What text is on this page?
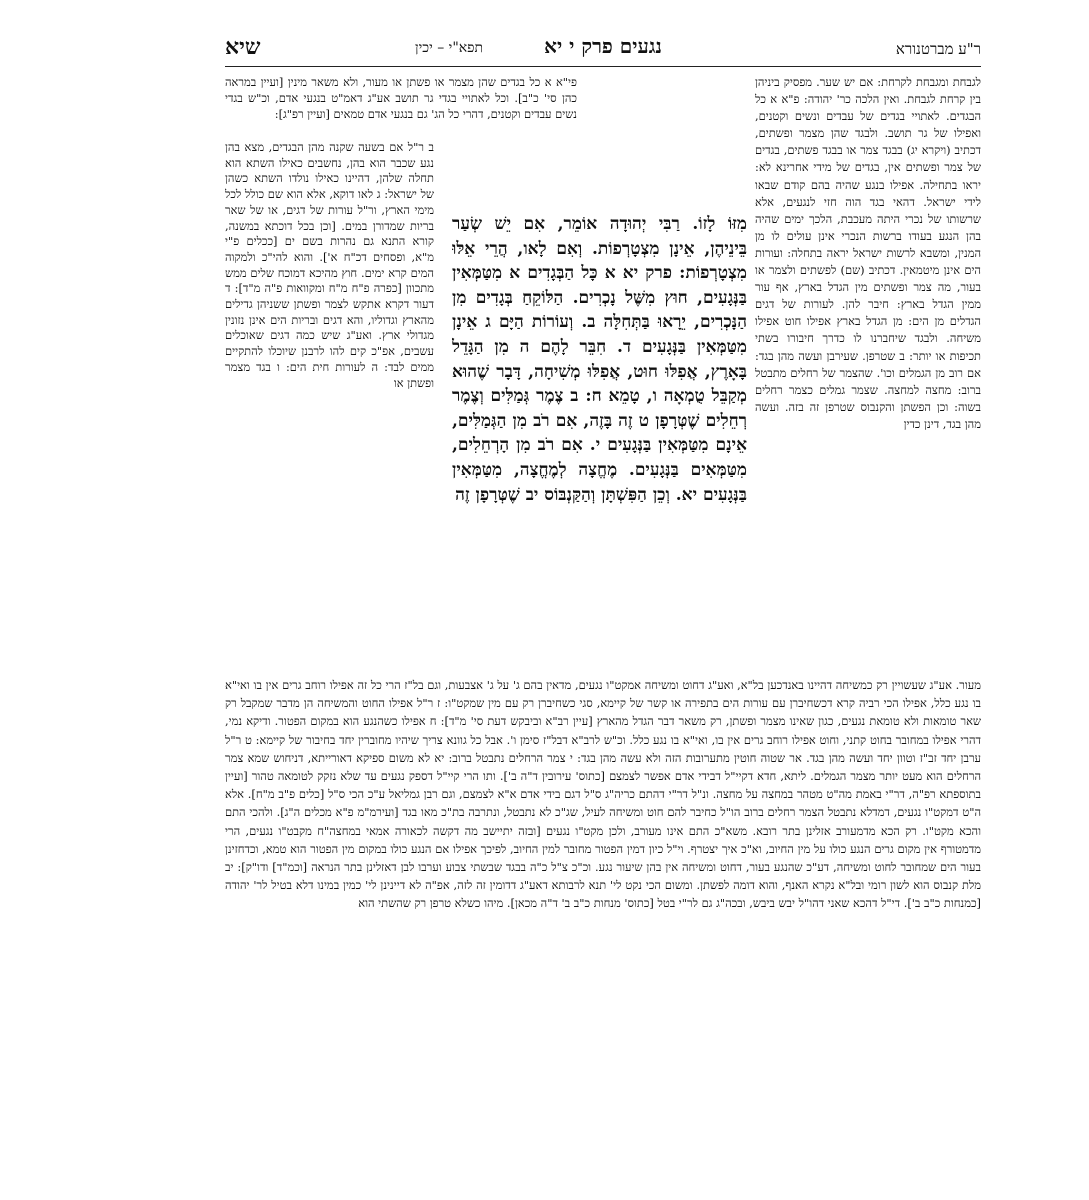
ר"ע מברטנורא
נגעים פרק י יא
תפא"י – יכין
שיא
לגבחת ומגבחת לקרחת: אם יש שער. מפסיק ביניהן בין קרחת לגבחת. ואין הלכה כר' יהודה: פ"א א כל הבגדים. לאתויי בגדים של עבדים ונשים וקטנים, ואפילו של גר תושב. ולבגד שהן מצמר ופשתים, דכתיב (ויקרא יג) בבגד צמר או בבגד פשתים, בגדים של צמר ופשתים אין, בגדים של מידי אחרינא לא: יראו בתחילה. אפילו בנגע שהיה בהם קודם שבאו לידי ישראל. דהאי בגד הוה חזי לנגעים, אלא שרשותו של נכרי היתה מעכבת, הלכך ימים שהיה בהן הנגע בעודו ברשות הנכרי אינן עולים לו מן המנין, ומשבא לרשות ישראל יראה בתחלה: ועורות הים אינן מיטמאין. דכתיב (שם) לפשתים ולצמר או בעור, מה צמר ופשתים מין הגדל בארץ, אף עור ממין הגדל בארץ: חיבר להן. לעורות של דגים הגדלים מן הים: מן הגדל בארץ אפילו חוט אפילו משיחה. ולבגד שיחברנו לו כדרך חיבורו בשתי תכיפות או יותר: ב שטרפן. שעירבן ועשה מהן בגד: אם רוב מן הגמלים וכו'. שהצמר של רחלים מתבטל ברוב: מחצה למחצה. שצמר גמלים כצמר רחלים בשוה: וכן הפשתן והקנבוס שטרפן זה בזה. ועשה מהן בגד, דינן כדין
פי"א א כל בגדים שהן מצמר או פשתן או מעור, ולא משאר מינין [ועיין במראה כהן סי' כ"ב]. וכל לאתויי בגדי גר תושב אע"ג דאמ"ט בנגעי אדם, וכ"ש בגדי נשים עבדים וקטנים, דהרי כל הג' גם בנגעי אדם טמאים [ועיין רפ"ג]:
ב ר"ל אם בשעה שקנה מהן הבגדים, מצא בהן נגע שכבר הוא בהן, נחשבים כאילו השתא הוא תחלה שלהן, דהיינו כאילו נולדו השתא כשהן של ישראל: ג לאו דוקא, אלא הוא שם כולל לכל מימי הארץ, ור"ל עורות של דגים, או של שאר בריות שמדורן במים. [וכן בכל דוכתא במשנה, קורא התנא גם נהרות בשם ים [ככלים פ"י מ"א, ופסחים דכ"ח א']. והוא להי"כ ולמקוה המים קרא ימים. חוץ מהיכא דמוכח שלים ממש מתכוון [כפרה פ"ח מ"ח ומקוואות פ"ה מ"ד]: ד דעור דקרא אתקש לצמר ופשתן ששניהן גדילים מהארץ וגדוליו, והא דגים ובריות הים אינן נזונין מגדולי ארץ. ואע"ג שיש כמה דגים שאוכלים עשבים, אפ"כ קים להו לרבנן שיוכלו להתקיים ממים לבד: ה לעורות חית הים: ו בגד מצמר ופשתן או
מִזּוֹ לָזוֹ. רַבִּי יְהוּדָה אוֹמֵר, אִם יֵשׁ שְׂעַר בֵּינֵיהֶן, אֵינָן מִצְטָרְפוֹת. וְאִם לָאו, הֲרֵי אֵלּוּ מִצְטָרְפוֹת: פרק יא א כָּל הַבְּגָדִים א מִטַּמְּאִין בַּנְּגָעִים, חוּץ מִשֶּׁל נָכְרִים. הַלּוֹקֵחַ בְּגָדִים מִן הַנָּכְרִים, יֵרָאוּ בַּתְּחִלָּה ב. וְעוֹרוֹת הַיָּם ג אֵינָן מִטַּמְּאִין בַּנְּגָעִים ד. חִבֵּר לָהֶם ה מִן הַגָּדֵל בָּאָרֶץ, אֲפִלּוּ חוּט, אֲפִלּוּ מְשִׁיחָה, דָּבָר שֶׁהוּא מְקַבֵּל טֻמְאָה ו, טָמֵא ח: ב צֶמֶר גְּמַלִּים וְצֶמֶר רְחֵלִים שֶׁטְּרָפָן ט זֶה בָּזֶה, אִם רֹב מִן הַגְּמַלִּים, אֵינָם מִטַּמְּאִין בַּנְּגָעִים י. אִם רֹב מִן הָרְחֵלִים, מִטַּמְּאִים בַּנְּגָעִים. מֶחֱצָה לְמֶחֱצָה, מִטַּמְּאִין בַּנְּגָעִים יא. וְכֵן הַפִּשְׁתָּן וְהַקַּנְבּוֹס יב שֶׁטְּרָפָן זֶה
מעור. אע"ג שעשויין רק כמשיחה דהיינו באנדכען בל"א, ואע"ג דחוט ומשיחה אמקט"ו נגעים, מדאין בהם ג' על ג' אצבעות, וגם בל"ז הרי כל זה אפילו רוחב גרים אין בו ואי"א בו נגע כלל, אפילו הכי רביה קרא דכשחיברן עם עורות הים בתפירה או קשר של קיימא, סגי כשחיברן רק עם מין שמקט"ו: ז ר"ל אפילו החוט והמשיחה הן מדבר שמקבל רק שאר טומאות ולא טומאת נגעים, כגון שאינו מצמר ופשתן, רק משאר דבר הגדל מהארץ [עיין רב"א וביבקש דעת סי' מ"ד]: ח אפילו כשהנגע הוא במקום הפטור. ודיקא נמי, דהרי אפילו במחובר בחוט קתני, וחוט אפילו רוחב גרים אין בו, ואי"א בו נגע כלל. וכ"ש לרב"א דבל"ז סימן ו'. אבל כל גוונא צריך שיהיו מחוברין יחד בחיבור של קיימא: ט ר"ל ערבן יחד זב"ז וטוון יחד ועשה מהן בגד. אר שטוה חוטין מתערובות הזה ולא עשה מהן בגד: י צמר הרחלים נתבטל ברוב: יא לא משום ספיקא דאורייתא, דניחוש שמא צמר הרחלים הוא מעט יותר מצמר הגמלים. ליתא, חדא דקיי"ל דבידי אדם אפשר לצמצם [כתוס' עירובין ד"ה ב']. ותו הרי קיי"ל דספק נגעים עד שלא נזקק לטומאה טהור [ועיין בתוספתא רפ"ה, דר"י באמת מה"ט מטהר במחצה על מחצה. ונ"ל דר"י דהתם כריה"ג ס"ל דגם בידי אדם א"א לצמצם, וגם רבן גמליאל ע"כ הכי ס"ל [כלים פ"ב מ"ח]. אלא ה"ט דמקט"ו נגעים, דמדלא נתבטל הצמר רחלים ברוב הו"ל כחיבר להם חוט ומשיחה לעיל, שג"כ לא נתבטל, ונתרבה בת"כ מאו בגד [ועירמ"מ פ"א מכלים ה"ג]. ולהכי התם והכא מקט"ו. רק הכא מדמעורב אזלינן בתר רובא. משא"כ התם אינו מעורב, ולכן מקט"ו נגעים [ובזה יתיישב מה דקשה לכאורה אמאי במחצה"ח מקבט"ו נגעים, הרי מדמטורף אין מקום גרים הנגע כולו על מין החיוב, וא"כ איך יצטרף. וי"ל כיון דמין הפטור מחובר למין החיוב, לפיכך אפילו אם הנגע כולו במקום מין הפטור הוא טמא, וכדחזינן בעור הים שמחובר לחוט ומשיחה, דע"כ שהנגע בעור, דחוט ומשיחה אין בהן שיעור נגע. וכ"כ צ"ל כ"ה בבגד שבשתי צבוע וערבו לבן דאזלינן בתר הנראה [וכמ"ד] ודו"ק]: יב מלת קנבוס הוא לשון רומי ובל"א נקרא האנף, והוא דומה לפשתן. ומשום הכי נקט לי' תנא לרבותא דאע"ג דדומין זה לזה, אפ"ה לא דיינינן לי' כמין במינו דלא בטיל לר' יהודה [כמנחות כ"ב ב']. די"ל דהכא שאני דהו"ל יבש ביבש, ובכה"ג גם לר"י בטל [כתוס' מנחות כ"ב ב' ד"ה מכאן]. מיהו כשלא טרפן רק שהשתי הוא
